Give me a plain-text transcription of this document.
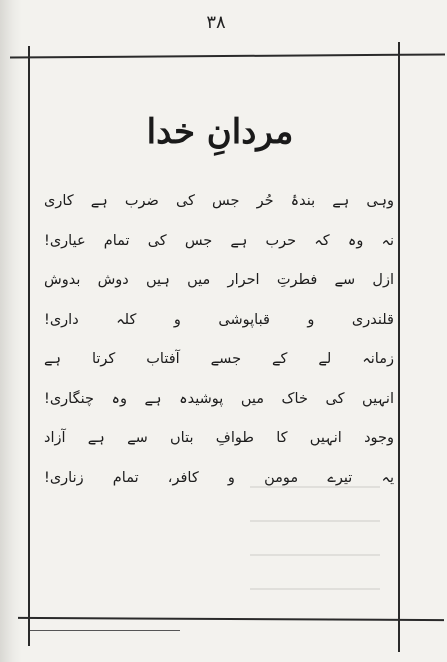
۳۸
مردانِ خدا
وہی ہے بندۂ حُر جس کی ضرب ہے کاری
نہ وہ کہ حرب ہے جس کی تمام عیاری!
ازل سے فطرتِ احرار میں ہیں دوش بدوش
قلندری و قباپوشی و کلہ داری!
زمانہ لے کے جسے آفتاب کرتا ہے
انہیں کی خاک میں پوشیدہ ہے وہ چنگاری!
وجود انہیں کا طوافِ بتاں سے ہے آزاد
یہ تیرے مومن و کافر، تمام زناری!
